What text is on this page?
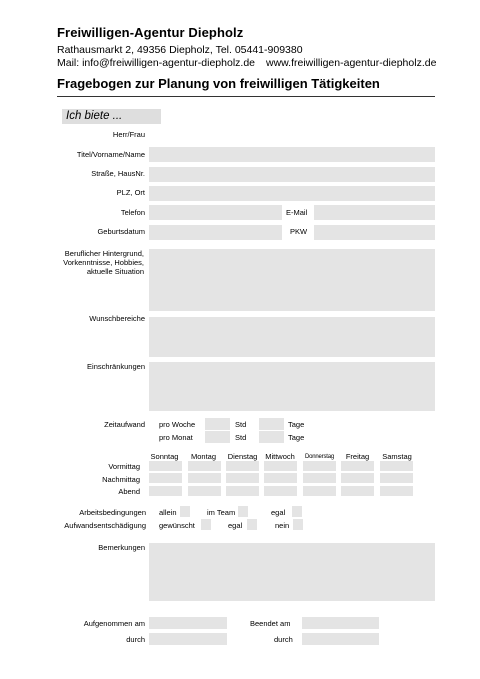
Freiwilligen-Agentur Diepholz
Rathausmarkt 2, 49356 Diepholz, Tel. 05441-909380
Mail: info@freiwilligen-agentur-diepholz.de www.freiwilligen-agentur-diepholz.de
Fragebogen zur Planung von freiwilligen Tätigkeiten
Ich biete ...
Herr/Frau
Titel/Vorname/Name
Straße, HausNr.
PLZ, Ort
Telefon	E-Mail
Geburtsdatum	PKW
Beruflicher Hintergrund, Vorkenntnisse, Hobbies, aktuelle Situation
Wunschbereiche
Einschränkungen
Zeitaufwand pro Woche	Std	Tage
pro Monat	Std	Tage
Sonntag	Montag	Dienstag	Mittwoch	Donnerstag	Freitag	Samstag
Vormittag
Nachmittag
Abend
Arbeitsbedingungen allein	im Team	egal
Aufwandsentschädigung gewünscht	egal	nein
Bemerkungen
Aufgenommen am	Beendet am
durch	durch
